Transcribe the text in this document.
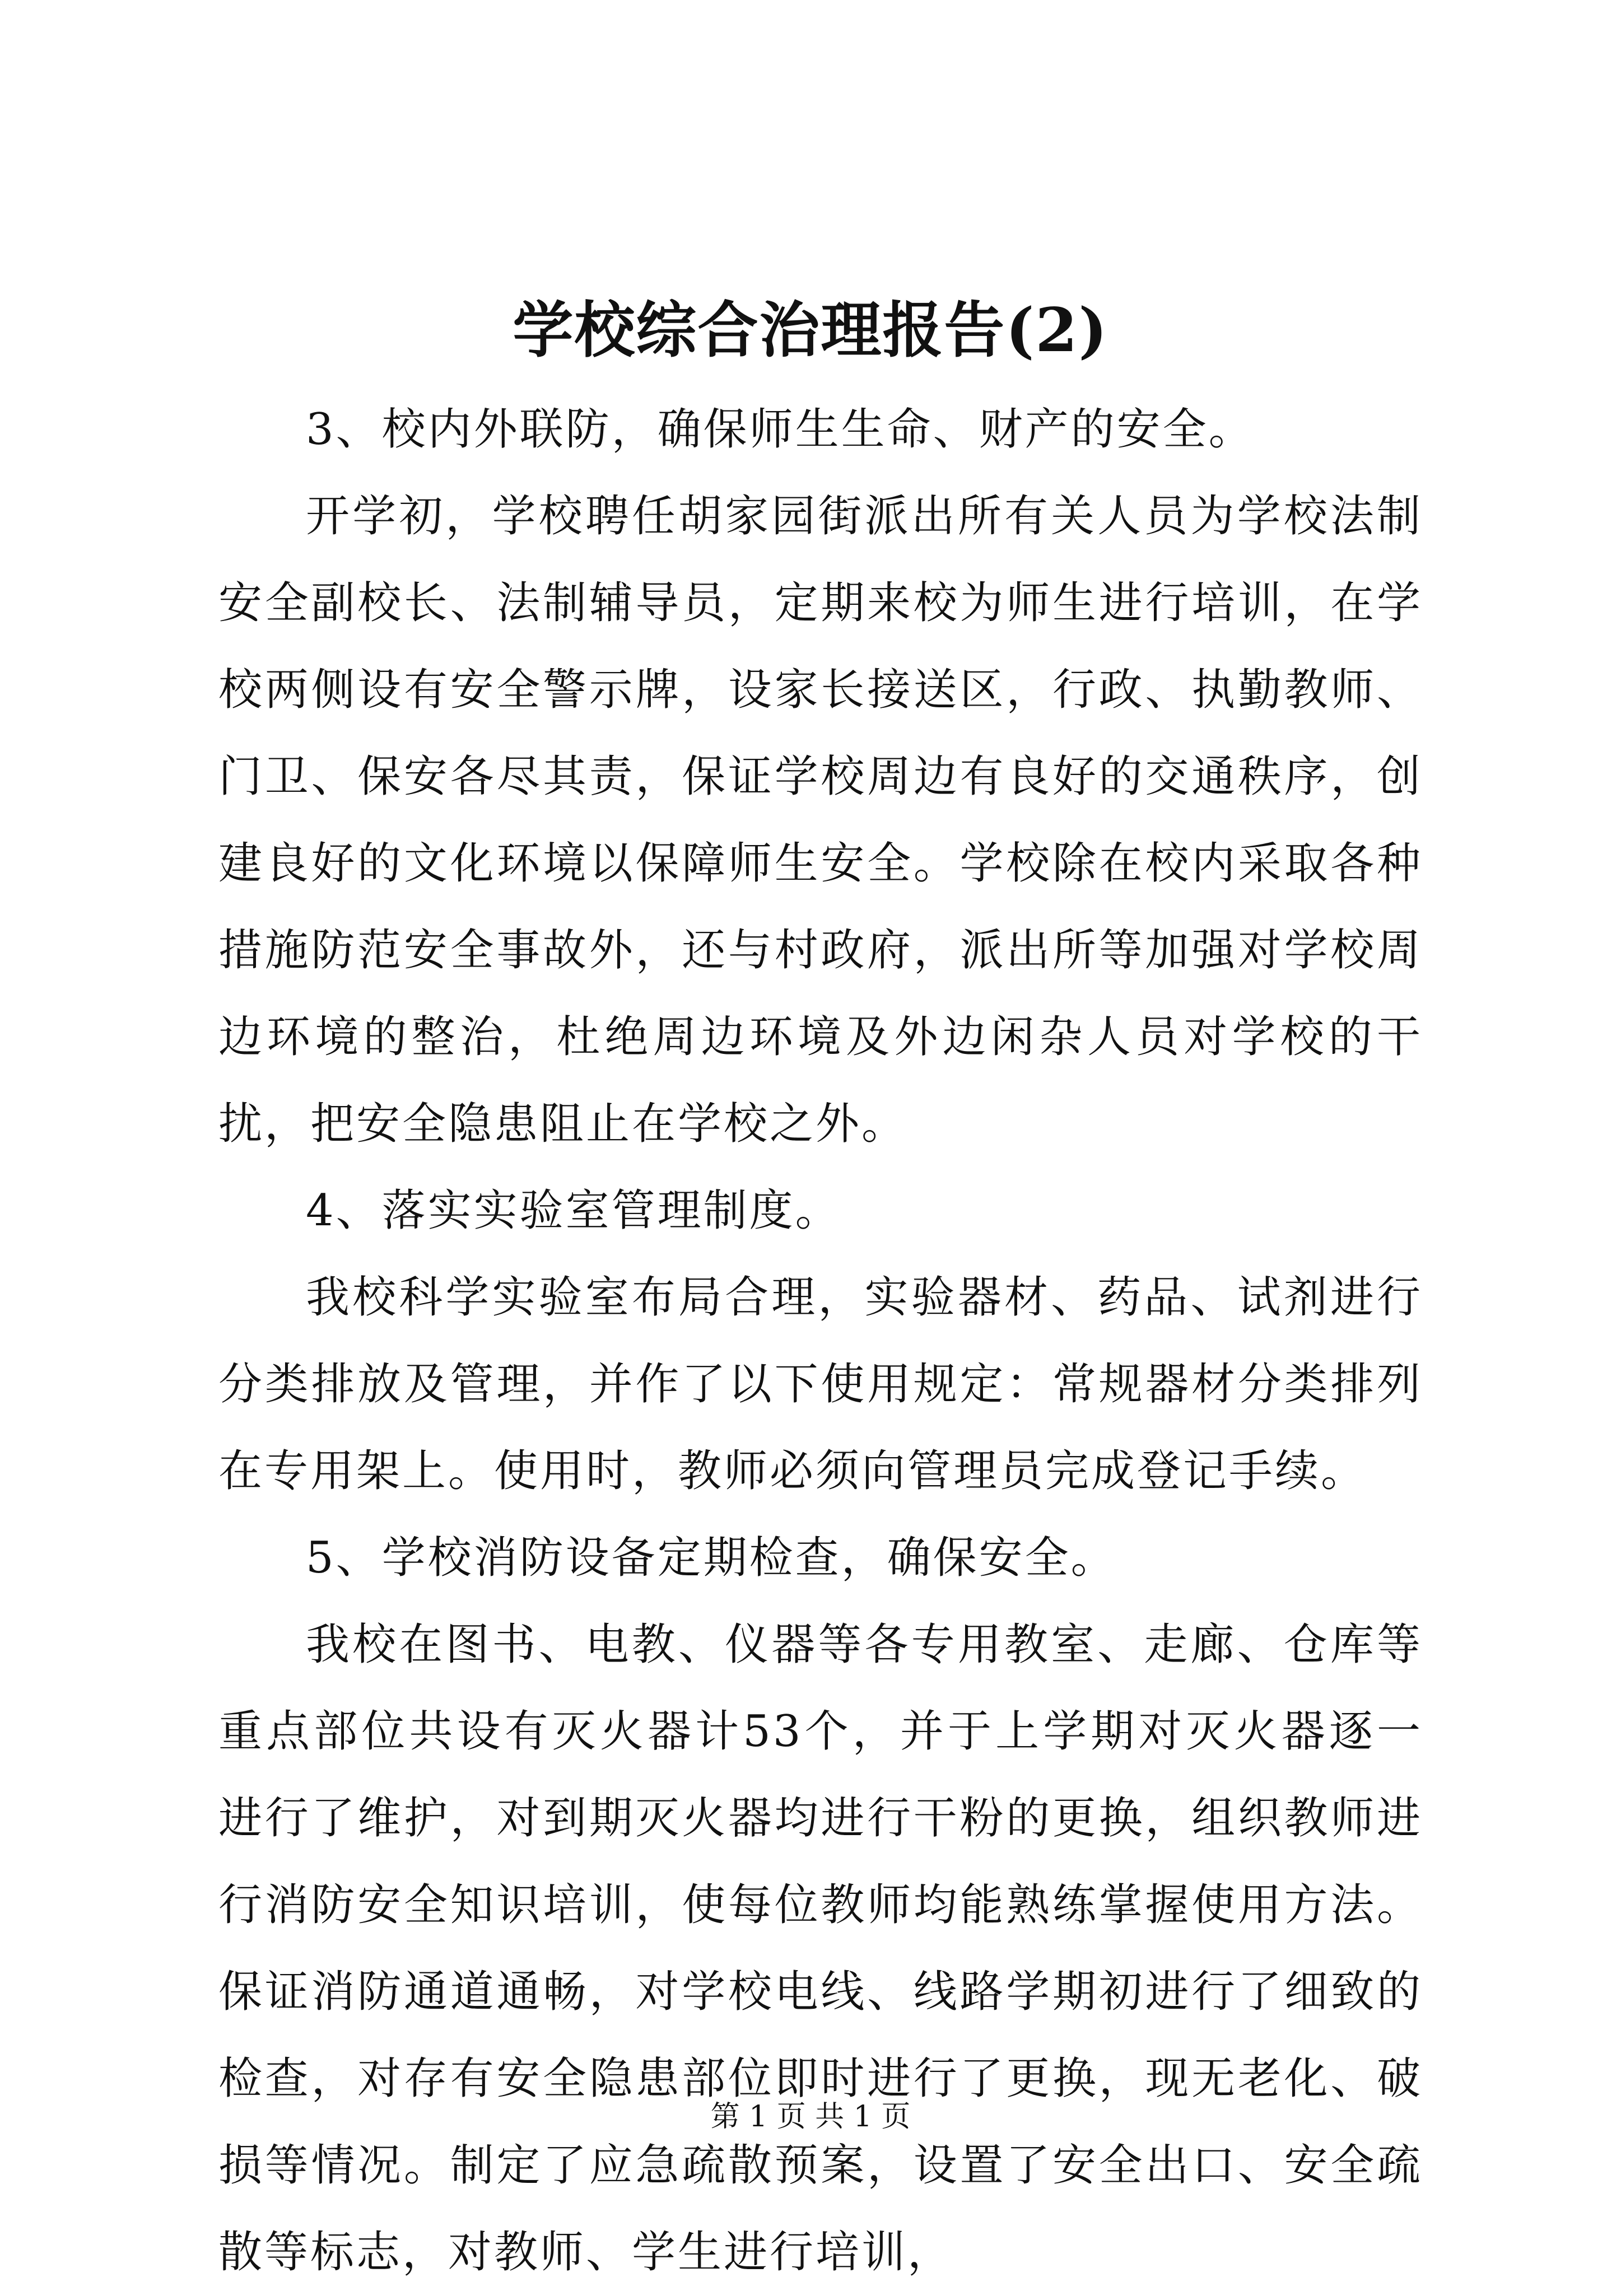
学校综合治理报告(2)

3、校内外联防，确保师生生命、财产的安全。

开学初，学校聘任胡家园街派出所有关人员为学校法制安全副校长、法制辅导员，定期来校为师生进行培训，在学校两侧设有安全警示牌，设家长接送区，行政、执勤教师、门卫、保安各尽其责，保证学校周边有良好的交通秩序，创建良好的文化环境以保障师生安全。学校除在校内采取各种措施防范安全事故外，还与村政府，派出所等加强对学校周边环境的整治，杜绝周边环境及外边闲杂人员对学校的干扰，把安全隐患阻止在学校之外。

4、落实实验室管理制度。

我校科学实验室布局合理，实验器材、药品、试剂进行分类排放及管理，并作了以下使用规定：常规器材分类排列在专用架上。使用时，教师必须向管理员完成登记手续。

5、学校消防设备定期检查，确保安全。

我校在图书、电教、仪器等各专用教室、走廊、仓库等重点部位共设有灭火器计53个，并于上学期对灭火器逐一进行了维护，对到期灭火器均进行干粉的更换，组织教师进行消防安全知识培训，使每位教师均能熟练掌握使用方法。保证消防通道通畅，对学校电线、线路学期初进行了细致的检查，对存有安全隐患部位即时进行了更换，现无老化、破损等情况。制定了应急疏散预案，设置了安全出口、安全疏散等标志，对教师、学生进行培训，

第 1 页 共 1 页
